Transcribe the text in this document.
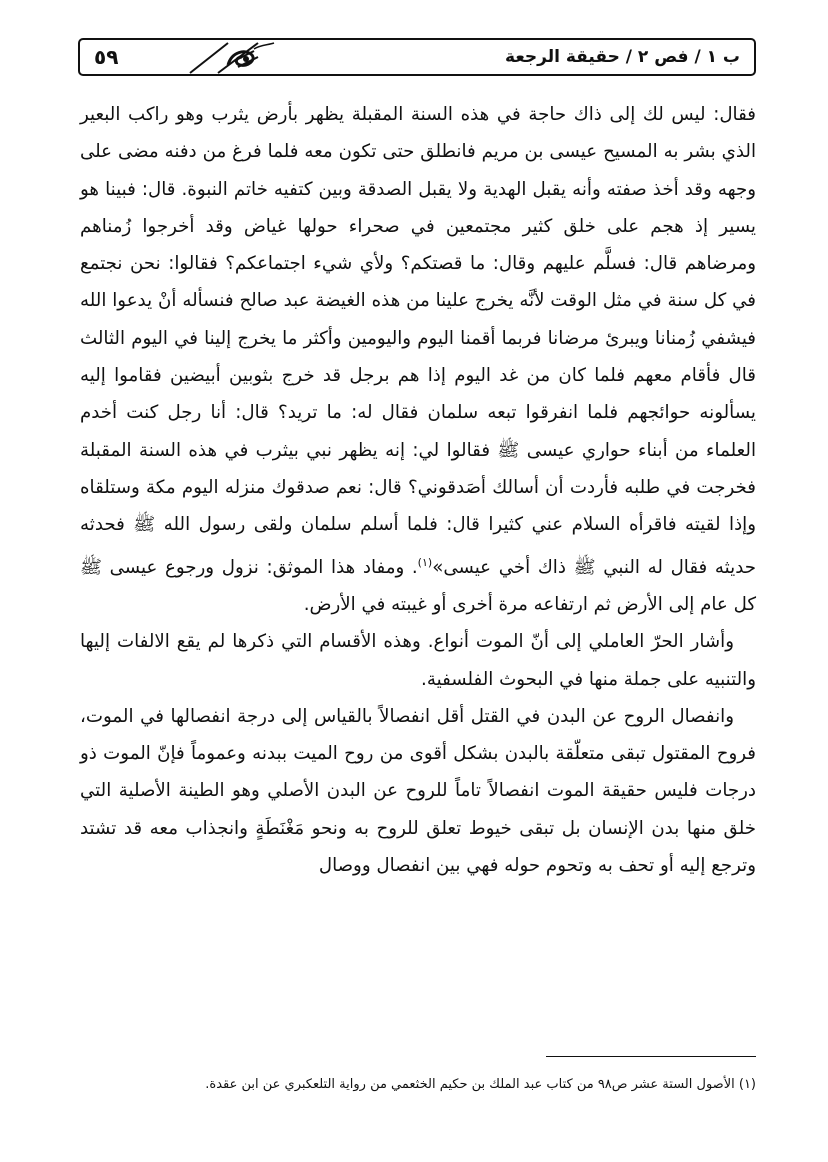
٥٩	ب ١ / فص ٢ / حقيقة الرجعة

فقال: ليس لك إلى ذاك حاجة في هذه السنة المقبلة يظهر بأرض يثرب وهو راكب البعير الذي بشر به المسيح عيسى بن مريم فانطلق حتى تكون معه فلما فرغ من دفنه مضى على وجهه وقد أخذ صفته وأنه يقبل الهدية ولا يقبل الصدقة وبين كتفيه خاتم النبوة. قال: فبينا هو يسير إذ هجم على خلق كثير مجتمعين في صحراء حولها غياض وقد أخرجوا زُمناهم ومرضاهم قال: فسلَّم عليهم وقال: ما قصتكم؟ ولأي شيء اجتماعكم؟ فقالوا: نحن نجتمع في كل سنة في مثل الوقت لأنَّه يخرج علينا من هذه الغيضة عبد صالح فنسأله أنْ يدعوا الله فيشفي زُمنانا ويبرئ مرضانا فربما أقمنا اليوم واليومين وأكثر ما يخرج إلينا في اليوم الثالث قال فأقام معهم فلما كان من غد اليوم إذا هم برجل قد خرج بثوبين أبيضين فقاموا إليه يسألونه حوائجهم فلما انفرقوا تبعه سلمان فقال له: ما تريد؟ قال: أنا رجل كنت أخدم العلماء من أبناء حواري عيسى ﷺ فقالوا لي: إنه يظهر نبي بيثرب في هذه السنة المقبلة فخرجت في طلبه فأردت أن أسالك أصَدقوني؟ قال: نعم صدقوك منزله اليوم مكة وستلقاه وإذا لقيته فاقرأه السلام عني كثيرا قال: فلما أسلم سلمان ولقى رسول الله ﷺ فحدثه حديثه فقال له النبي ﷺ ذاك أخي عيسى»$^{(١)}$. ومفاد هذا الموثق: نزول ورجوع عيسى ﷺ كل عام إلى الأرض ثم ارتفاعه مرة أخرى أو غيبته في الأرض.

وأشار الحرّ العاملي إلى أنّ الموت أنواع. وهذه الأقسام التي ذكرها لم يقع الالفات إليها والتنبيه على جملة منها في البحوث الفلسفية.

وانفصال الروح عن البدن في القتل أقل انفصالاً بالقياس إلى درجة انفصالها في الموت، فروح المقتول تبقى متعلّقة بالبدن بشكل أقوى من روح الميت ببدنه وعموماً فإنّ الموت ذو درجات فليس حقيقة الموت انفصالاً تاماً للروح عن البدن الأصلي وهو الطينة الأصلية التي خلق منها بدن الإنسان بل تبقى خيوط تعلق للروح به ونحو مَغْنَطَةٍ وانجذاب معه قد تشتد وترجع إليه أو تحف به وتحوم حوله فهي بين انفصال ووصال

(١) الأصول الستة عشر ص٩٨ من كتاب عبد الملك بن حكيم الخثعمي من رواية التلعكبري عن ابن عقدة.
